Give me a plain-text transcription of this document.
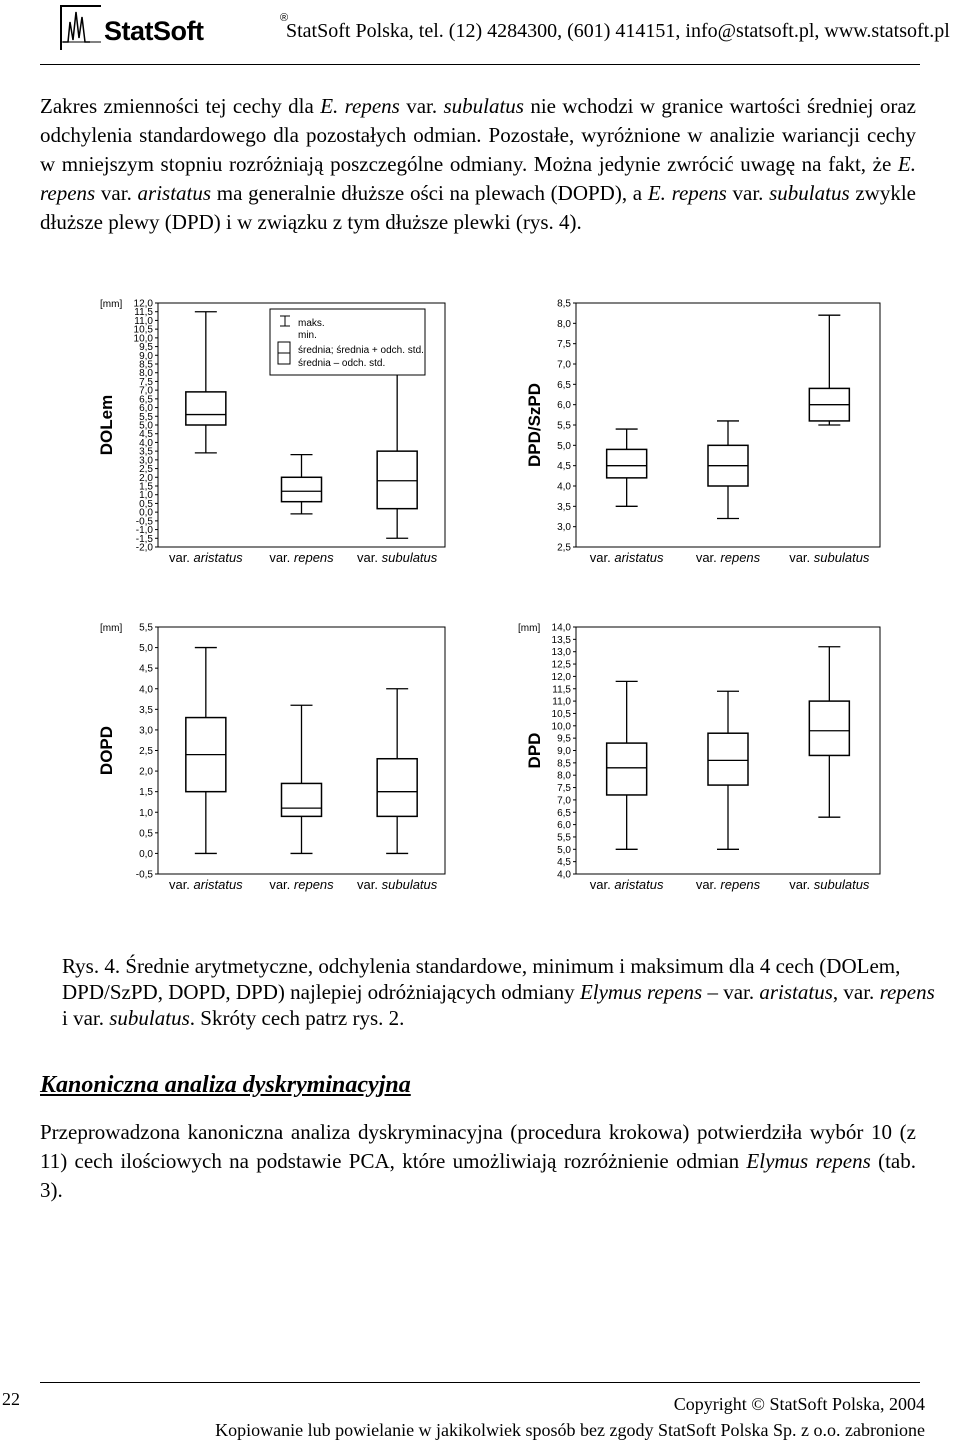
StatSoft	®
StatSoft Polska, tel. (12) 4284300, (601) 414151, info@statsoft.pl, www.statsoft.pl

Zakres zmienności tej cechy dla E. repens var. subulatus nie wchodzi w granice wartości średniej oraz odchylenia standardowego dla pozostałych odmian. Pozostałe, wyróżnione w analizie wariancji cechy w mniejszym stopniu rozróżniają poszczególne odmiany. Można jedynie zwrócić uwagę na fakt, że E. repens var. aristatus ma generalnie dłuższe ości na plewach (DOPD), a E. repens var. subulatus zwykle dłuższe plewy (DPD) i w związku z tym dłuższe plewki (rys. 4).

-2,0
-1,5
-1,0
-0,5
0,0
0,5
1,0
1,5
2,0
2,5
3,0
3,5
4,0
4,5
5,0
5,5
6,0
6,5
7,0
7,5
8,0
8,5
9,0
9,5
10,0
10,5
11,0
11,5
12,0
[mm]
DOLem
var. aristatus var. repens var. subulatus
maks.
min.
średnia; średnia + odch. std.
średnia – odch. std.
2,5
3,0
3,5
4,0
4,5
5,0
5,5
6,0
6,5
7,0
7,5
8,0
8,5
DPD/SzPD
var. aristatus var. repens var. subulatus
-0,5
0,0
0,5
1,0
1,5
2,0
2,5
3,0
3,5
4,0
4,5
5,0
5,5
[mm]
DOPD
var. aristatus var. repens var. subulatus
4,0
4,5
5,0
5,5
6,0
6,5
7,0
7,5
8,0
8,5
9,0
9,5
10,0
10,5
11,0
11,5
12,0
12,5
13,0
13,5
14,0
[mm]
DPD
var. aristatus var. repens var. subulatus

Rys. 4. Średnie arytmetyczne, odchylenia standardowe, minimum i maksimum dla 4 cech (DOLem, DPD/SzPD, DOPD, DPD) najlepiej odróżniających odmiany Elymus repens – var. aristatus, var. repens i var. subulatus. Skróty cech patrz rys. 2.

Kanoniczna analiza dyskryminacyjna

Przeprowadzona kanoniczna analiza dyskryminacyjna (procedura krokowa) potwierdziła wybór 10 (z 11) cech ilościowych na podstawie PCA, które umożliwiają rozróżnienie odmian Elymus repens (tab. 3).

22	Copyright © StatSoft Polska, 2004
Kopiowanie lub powielanie w jakikolwiek sposób bez zgody StatSoft Polska Sp. z o.o. zabronione
